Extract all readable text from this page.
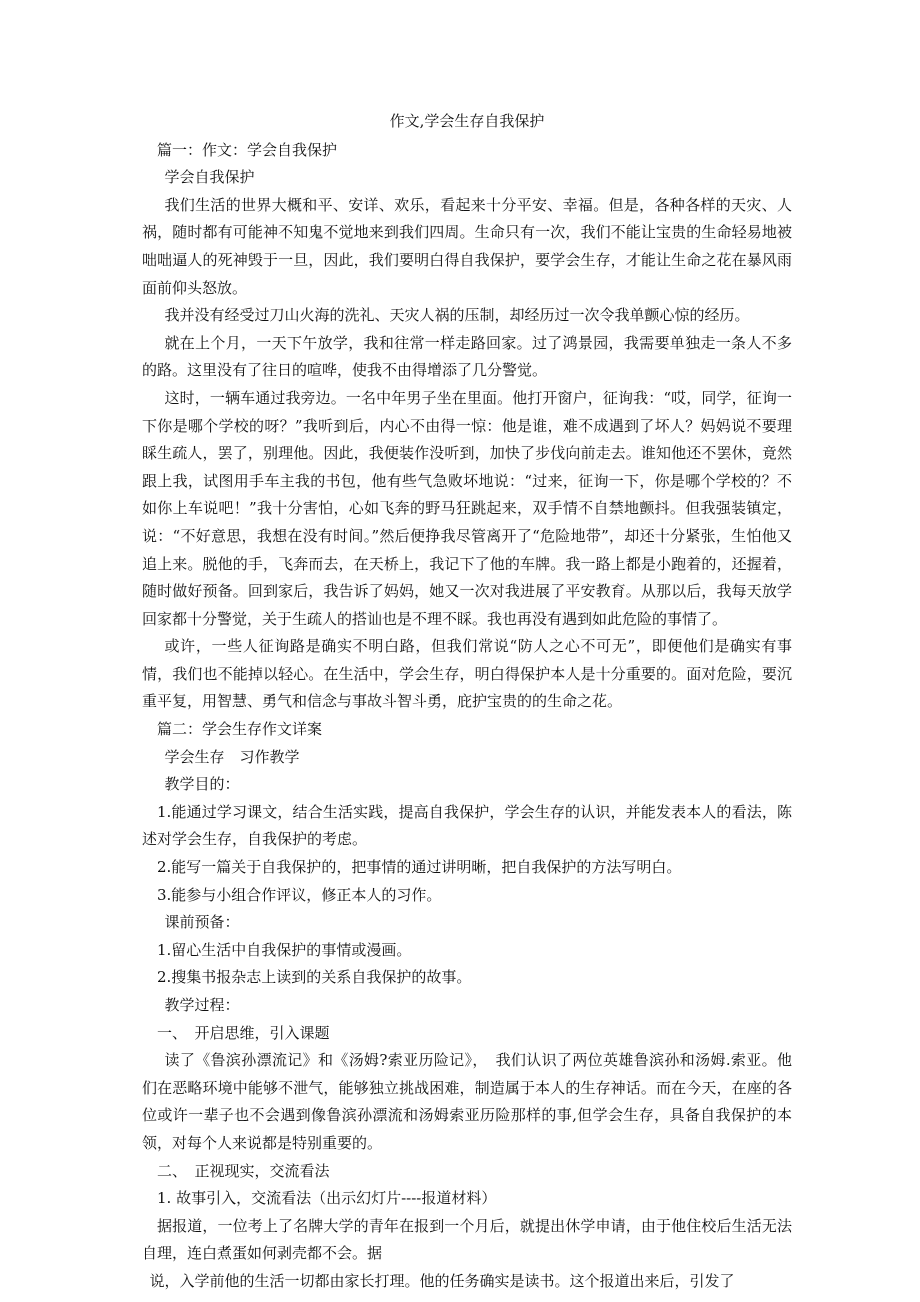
作文,学会生存自我保护

篇一：作文：学会自我保护

学会自我保护

我们生活的世界大概和平、安详、欢乐，看起来十分平安、幸福。但是，各种各样的天灾、人祸，随时都有可能神不知鬼不觉地来到我们四周。生命只有一次，我们不能让宝贵的生命轻易地被咄咄逼人的死神毁于一旦，因此，我们要明白得自我保护，要学会生存，才能让生命之花在暴风雨面前仰头怒放。

我并没有经受过刀山火海的洗礼、天灾人祸的压制，却经历过一次令我单颤心惊的经历。

就在上个月，一天下午放学，我和往常一样走路回家。过了鸿景园，我需要单独走一条人不多的路。这里没有了往日的喧哗，使我不由得增添了几分警觉。

这时，一辆车通过我旁边。一名中年男子坐在里面。他打开窗户，征询我：“哎，同学，征询一下你是哪个学校的呀？”我听到后，内心不由得一惊：他是谁，难不成遇到了坏人？妈妈说不要理睬生疏人，罢了，别理他。因此，我便装作没听到，加快了步伐向前走去。谁知他还不罢休，竟然跟上我，试图用手车主我的书包，他有些气急败坏地说：“过来，征询一下，你是哪个学校的？不如你上车说吧！”我十分害怕，心如飞奔的野马狂跳起来，双手情不自禁地颤抖。但我强装镇定，说：“不好意思，我想在没有时间。”然后便挣我尽管离开了“危险地带”，却还十分紧张，生怕他又追上来。脱他的手，飞奔而去，在天桥上，我记下了他的车牌。我一路上都是小跑着的，还握着，随时做好预备。回到家后，我告诉了妈妈，她又一次对我进展了平安教育。从那以后，我每天放学回家都十分警觉，关于生疏人的搭讪也是不理不睬。我也再没有遇到如此危险的事情了。

或许，一些人征询路是确实不明白路，但我们常说“防人之心不可无”，即便他们是确实有事情，我们也不能掉以轻心。在生活中，学会生存，明白得保护本人是十分重要的。面对危险，要沉重平复，用智慧、勇气和信念与事故斗智斗勇，庇护宝贵的的生命之花。

篇二：学会生存作文详案

学会生存　习作教学

教学目的：

1.能通过学习课文，结合生活实践，提高自我保护，学会生存的认识，并能发表本人的看法，陈述对学会生存，自我保护的考虑。

2.能写一篇关于自我保护的，把事情的通过讲明晰，把自我保护的方法写明白。

3.能参与小组合作评议，修正本人的习作。

课前预备：

1.留心生活中自我保护的事情或漫画。

2.搜集书报杂志上读到的关系自我保护的故事。

教学过程：

一、　开启思维，引入课题

读了《鲁滨孙漂流记》和《汤姆?索亚历险记》，　我们认识了两位英雄鲁滨孙和汤姆.索亚。他们在恶略环境中能够不泄气，能够独立挑战困难，制造属于本人的生存神话。而在今天，在座的各位或许一辈子也不会遇到像鲁滨孙漂流和汤姆索亚历险那样的事,但学会生存，具备自我保护的本领，对每个人来说都是特别重要的。

二、　正视现实，交流看法

1. 故事引入，交流看法（出示幻灯片----报道材料）

据报道，一位考上了名牌大学的青年在报到一个月后，就提出休学申请，由于他住校后生活无法自理，连白煮蛋如何剥壳都不会。据

说，入学前他的生活一切都由家长打理。他的任务确实是读书。这个报道出来后，引发了
